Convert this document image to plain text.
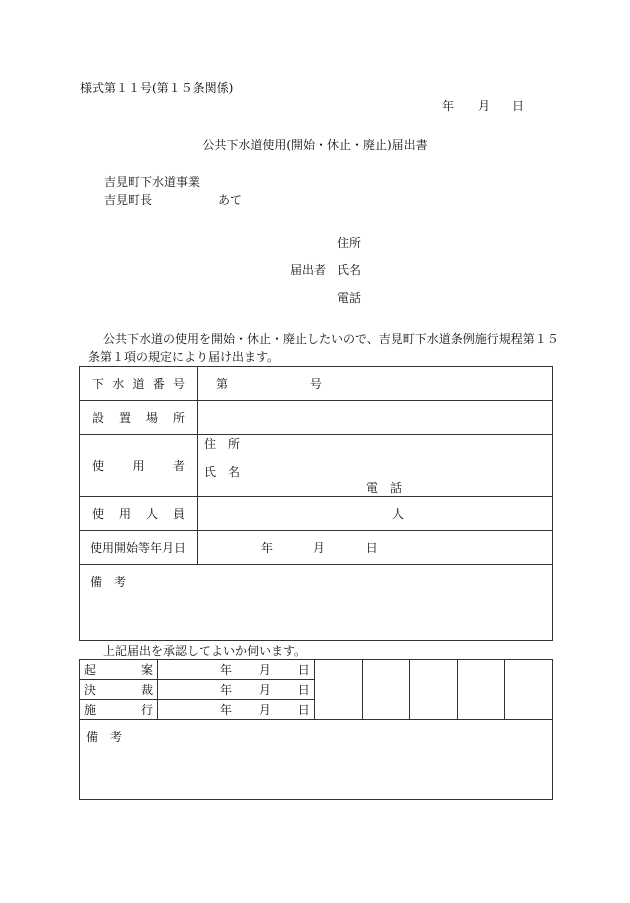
様式第１１号(第１５条関係)
年 月 日
公共下水道使用(開始・休止・廃止)届出書
吉見町下水道事業
吉見町長	あて
住所
届出者 氏名
電話
公共下水道の使用を開始・休止・廃止したいので、吉見町下水道条例施行規程第１５
条第１項の規定により届け出ます。
下 水 道 番 号	第 号

設 置 場 所	

使 用 者	住　所
氏　名
電　話

使 用 人 員	人
使用開始等年月日	年 月 日
備　考	
上記届出を承認してよいか伺います。
起 案	年 月 日					

決 裁	年 月 日					

施 行	年 月 日					
備　考						
